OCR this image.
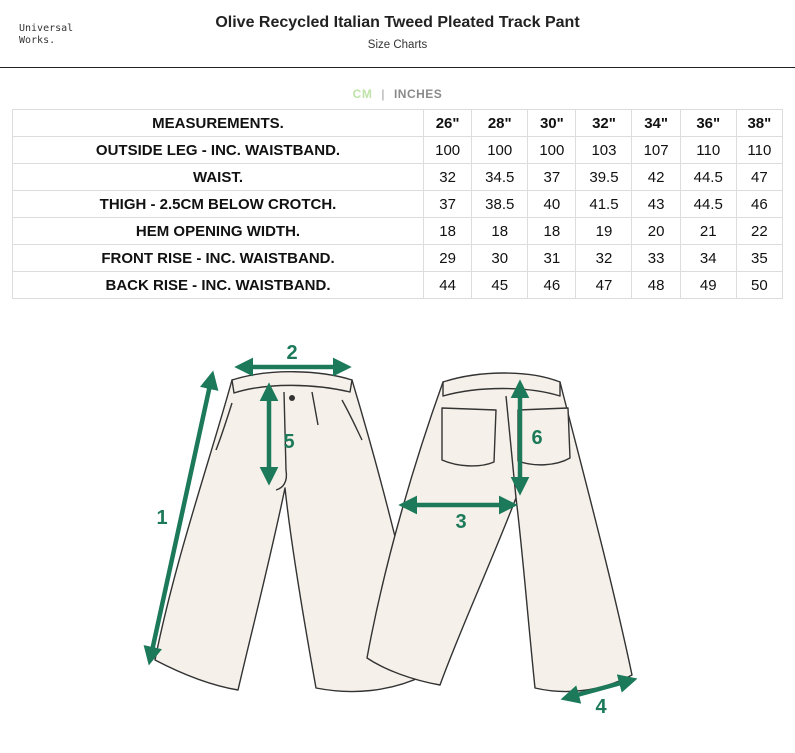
Universal
Works.
Olive Recycled Italian Tweed Pleated Track Pant
Size Charts
CM | INCHES
MEASUREMENTS.	26"	28"	30"	32"	34"	36"	38"
OUTSIDE LEG - INC. WAISTBAND.	100	100	100	103	107	110	110
WAIST.	32	34.5	37	39.5	42	44.5	47
THIGH - 2.5CM BELOW CROTCH.	37	38.5	40	41.5	43	44.5	46
HEM OPENING WIDTH.	18	18	18	19	20	21	22
FRONT RISE - INC. WAISTBAND.	29	30	31	32	33	34	35
BACK RISE - INC. WAISTBAND.	44	45	46	47	48	49	50
1
2
3
4
5	6
